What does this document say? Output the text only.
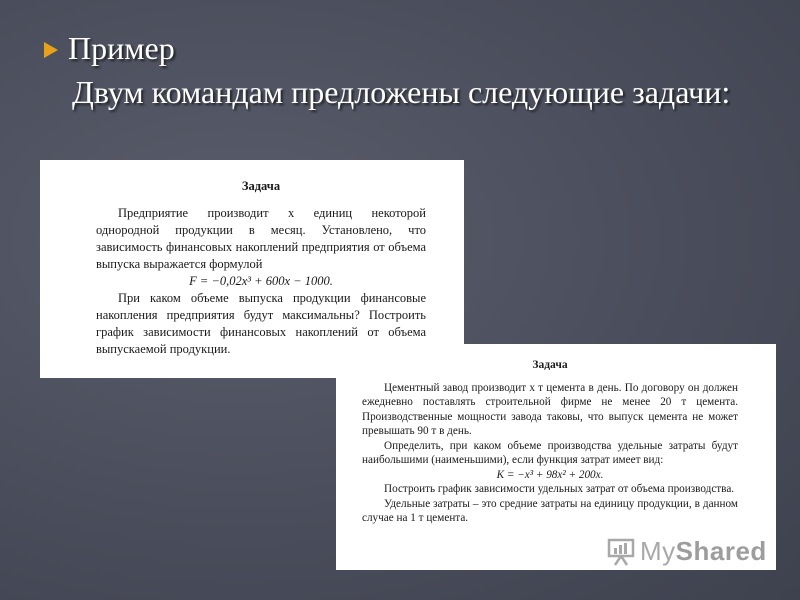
Пример
Двум командам предложены следующие задачи:
Задача
Предприятие производит x единиц некоторой однородной продукции в месяц. Установлено, что зависимость финансовых накоплений предприятия от объема выпуска выражается формулой
F = −0,02x³ + 600x − 1000.
При каком объеме выпуска продукции финансовые накопления предприятия будут максимальны? Построить график зависимости финансовых накоплений от объема выпускаемой продукции.
Задача
Цементный завод производит x т цемента в день. По договору он должен ежедневно поставлять строительной фирме не менее 20 т цемента. Производственные мощности завода таковы, что выпуск цемента не может превышать 90 т в день.
Определить, при каком объеме производства удельные затраты будут наибольшими (наименьшими), если функция затрат имеет вид:
K = −x³ + 98x² + 200x.
Построить график зависимости удельных затрат от объема производства.
Удельные затраты – это средние затраты на единицу продукции, в данном случае на 1 т цемента.
MyShared
